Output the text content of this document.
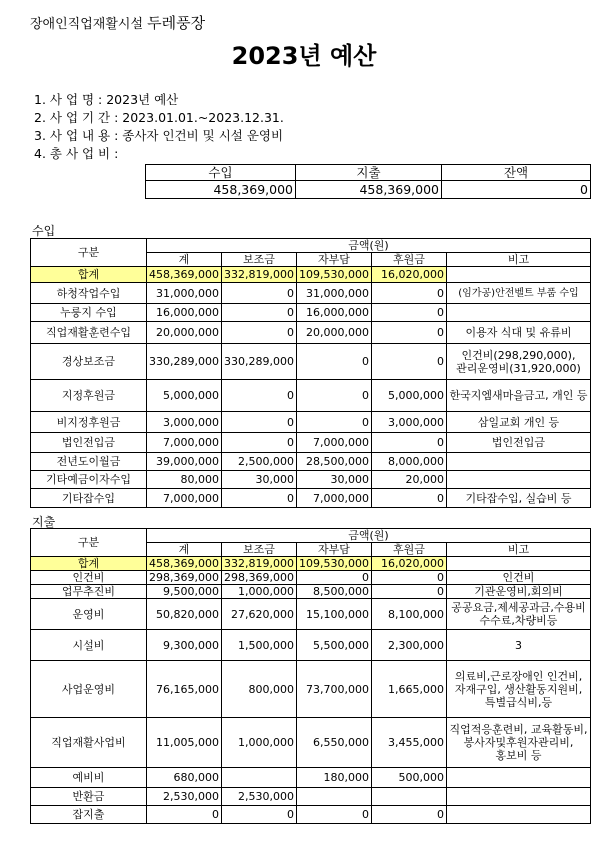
장애인직업재활시설 두레풍장
2023년 예산
1. 사 업 명 : 2023년 예산
2. 사 업 기 간 : 2023.01.01.~2023.12.31.
3. 사 업 내 용 : 종사자 인건비 및 시설 운영비
4. 총 사 업 비 :
수입	지출	잔액
458,369,000	458,369,000	0
수입
구분	금액(원)				
	계	보조금	자부담	후원금	비고
합계	458,369,000	332,819,000	109,530,000	16,020,000	
하청작업수입	31,000,000	0	31,000,000	0	(임가공)안전벨트 부품 수입
누룽지 수입	16,000,000	0	16,000,000	0	
직업재활훈련수입	20,000,000	0	20,000,000	0	이용자 식대 및 유류비
경상보조금	330,289,000	330,289,000	0	0	인건비(298,290,000), 관리운영비(31,920,000)
지정후원금	5,000,000	0	0	5,000,000	한국지엠새마을금고, 개인 등
비지정후원금	3,000,000	0	0	3,000,000	삼일교회 개인 등
법인전입금	7,000,000	0	7,000,000	0	법인전입금
전년도이월금	39,000,000	2,500,000	28,500,000	8,000,000	
기타예금이자수입	80,000	30,000	30,000	20,000	
기타잡수입	7,000,000	0	7,000,000	0	기타잡수입, 실습비 등
지출
구분	금액(원)				
	계	보조금	자부담	후원금	비고
합계	458,369,000	332,819,000	109,530,000	16,020,000	
인건비	298,369,000	298,369,000	0	0	인건비
업무추진비	9,500,000	1,000,000	8,500,000	0	기관운영비,회의비
운영비	50,820,000	27,620,000	15,100,000	8,100,000	공공요금,제세공과금,수용비 수수료,차량비등
시설비	9,300,000	1,500,000	5,500,000	2,300,000	3
사업운영비	76,165,000	800,000	73,700,000	1,665,000	의료비,근로장애인 인건비,자재구입, 생산활동지원비, 특별급식비,등
직업재활사업비	11,005,000	1,000,000	6,550,000	3,455,000	직업적응훈련비, 교육활동비,봉사자및후원자관리비, 홍보비 등
예비비	680,000		180,000	500,000	
반환금	2,530,000	2,530,000			
잡지출	0	0	0	0	
